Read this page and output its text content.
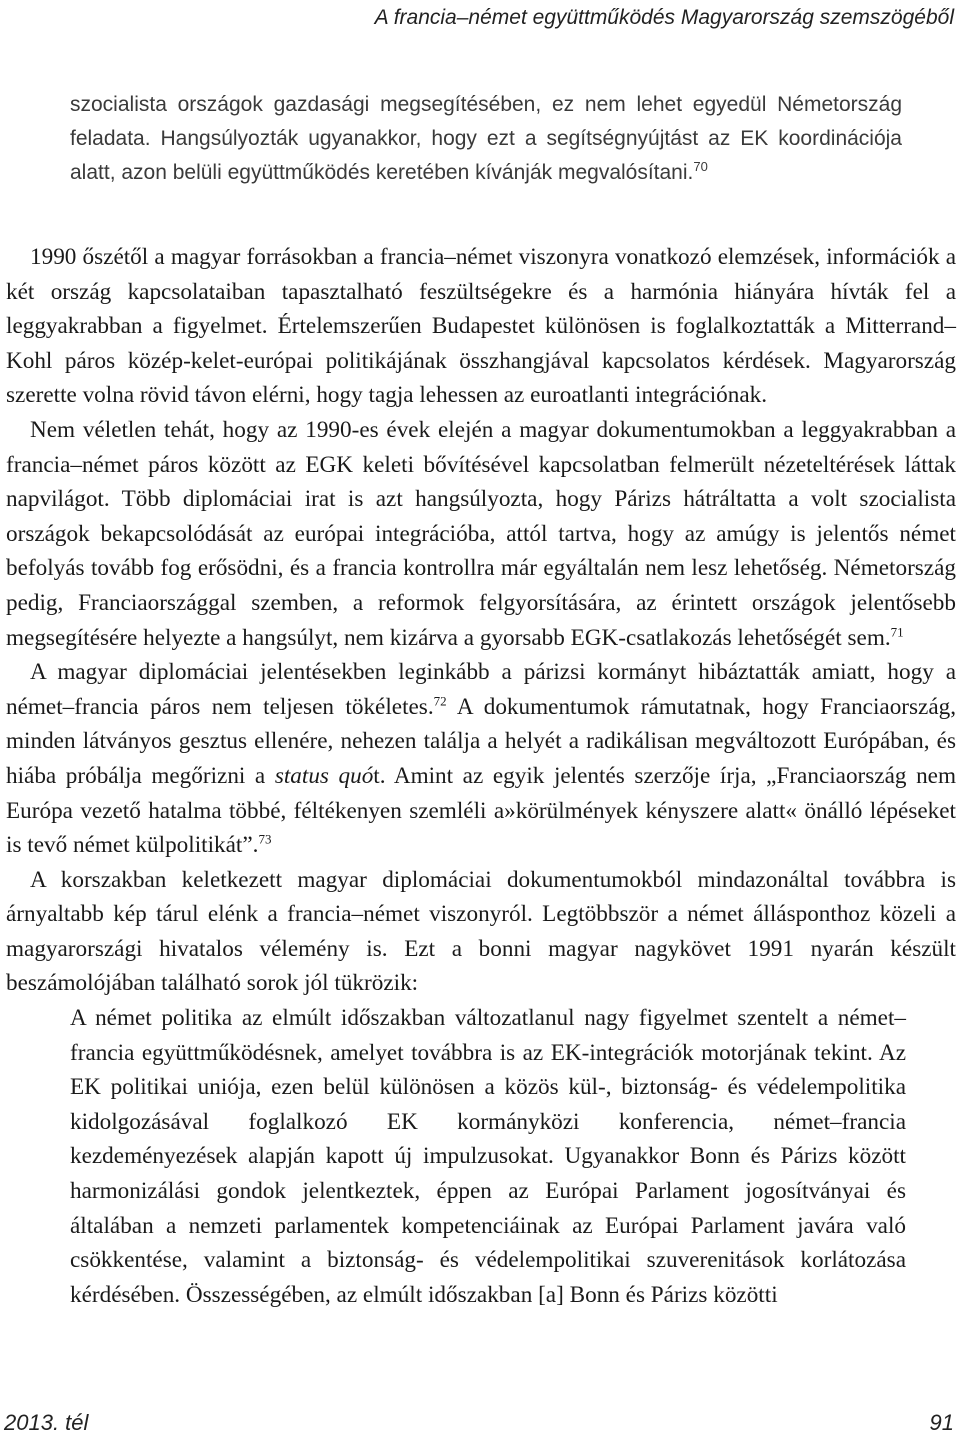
A francia–német együttműködés Magyarország szemszögéből
szocialista országok gazdasági megsegítésében, ez nem lehet egyedül Németország feladata. Hangsúlyozták ugyanakkor, hogy ezt a segítségnyújtást az EK koordinációja alatt, azon belüli együttműködés keretében kívánják megvalósítani.$^{70}$

1990 őszétől a magyar forrásokban a francia–német viszonyra vonatkozó elemzések, információk a két ország kapcsolataiban tapasztalható feszültségekre és a harmónia hiányára hívták fel a leggyakrabban a figyelmet. Értelemszerűen Budapestet különösen is foglalkoztatták a Mitterrand–Kohl páros közép-kelet-európai politikájának összhangjával kapcsolatos kérdések. Magyarország szerette volna rövid távon elérni, hogy tagja lehessen az euroatlanti integrációnak.

Nem véletlen tehát, hogy az 1990-es évek elején a magyar dokumentumokban a leggyakrabban a francia–német páros között az EGK keleti bővítésével kapcsolatban felmerült nézeteltérések láttak napvilágot. Több diplomáciai irat is azt hangsúlyozta, hogy Párizs hátráltatta a volt szocialista országok bekapcsolódását az európai integrációba, attól tartva, hogy az amúgy is jelentős német befolyás tovább fog erősödni, és a francia kontrollra már egyáltalán nem lesz lehetőség. Németország pedig, Franciaországgal szemben, a reformok felgyorsítására, az érintett országok jelentősebb megsegítésére helyezte a hangsúlyt, nem kizárva a gyorsabb EGK-csatlakozás lehetőségét sem.$^{71}$

A magyar diplomáciai jelentésekben leginkább a párizsi kormányt hibáztatták amiatt, hogy a német–francia páros nem teljesen tökéletes.$^{72}$ A dokumentumok rámutatnak, hogy Franciaország, minden látványos gesztus ellenére, nehezen találja a helyét a radikálisan megváltozott Európában, és hiába próbálja megőrizni a status quót. Amint az egyik jelentés szerzője írja, „Franciaország nem Európa vezető hatalma többé, féltékenyen szemléli a»körülmények kényszere alatt« önálló lépéseket is tevő német külpolitikát”.$^{73}$

A korszakban keletkezett magyar diplomáciai dokumentumokból mindazonáltal továbbra is árnyaltabb kép tárul elénk a francia–német viszonyról. Legtöbbször a német állásponthoz közeli a magyarországi hivatalos vélemény is. Ezt a bonni magyar nagykövet 1991 nyarán készült beszámolójában található sorok jól tükrözik:

A német politika az elmúlt időszakban változatlanul nagy figyelmet szentelt a német–francia együttműködésnek, amelyet továbbra is az EK-integrációk motorjának tekint. Az EK politikai uniója, ezen belül különösen a közös kül-, biztonság- és védelempolitika kidolgozásával foglalkozó EK kormányközi konferencia, német–francia kezdeményezések alapján kapott új impulzusokat. Ugyanakkor Bonn és Párizs között harmonizálási gondok jelentkeztek, éppen az Európai Parlament jogosítványai és általában a nemzeti parlamentek kompetenciáinak az Európai Parlament javára való csökkentése, valamint a biztonság- és védelempolitikai szuverenitások korlátozása kérdésében. Összességében, az elmúlt időszakban [a] Bonn és Párizs közötti

2013. tél	91
